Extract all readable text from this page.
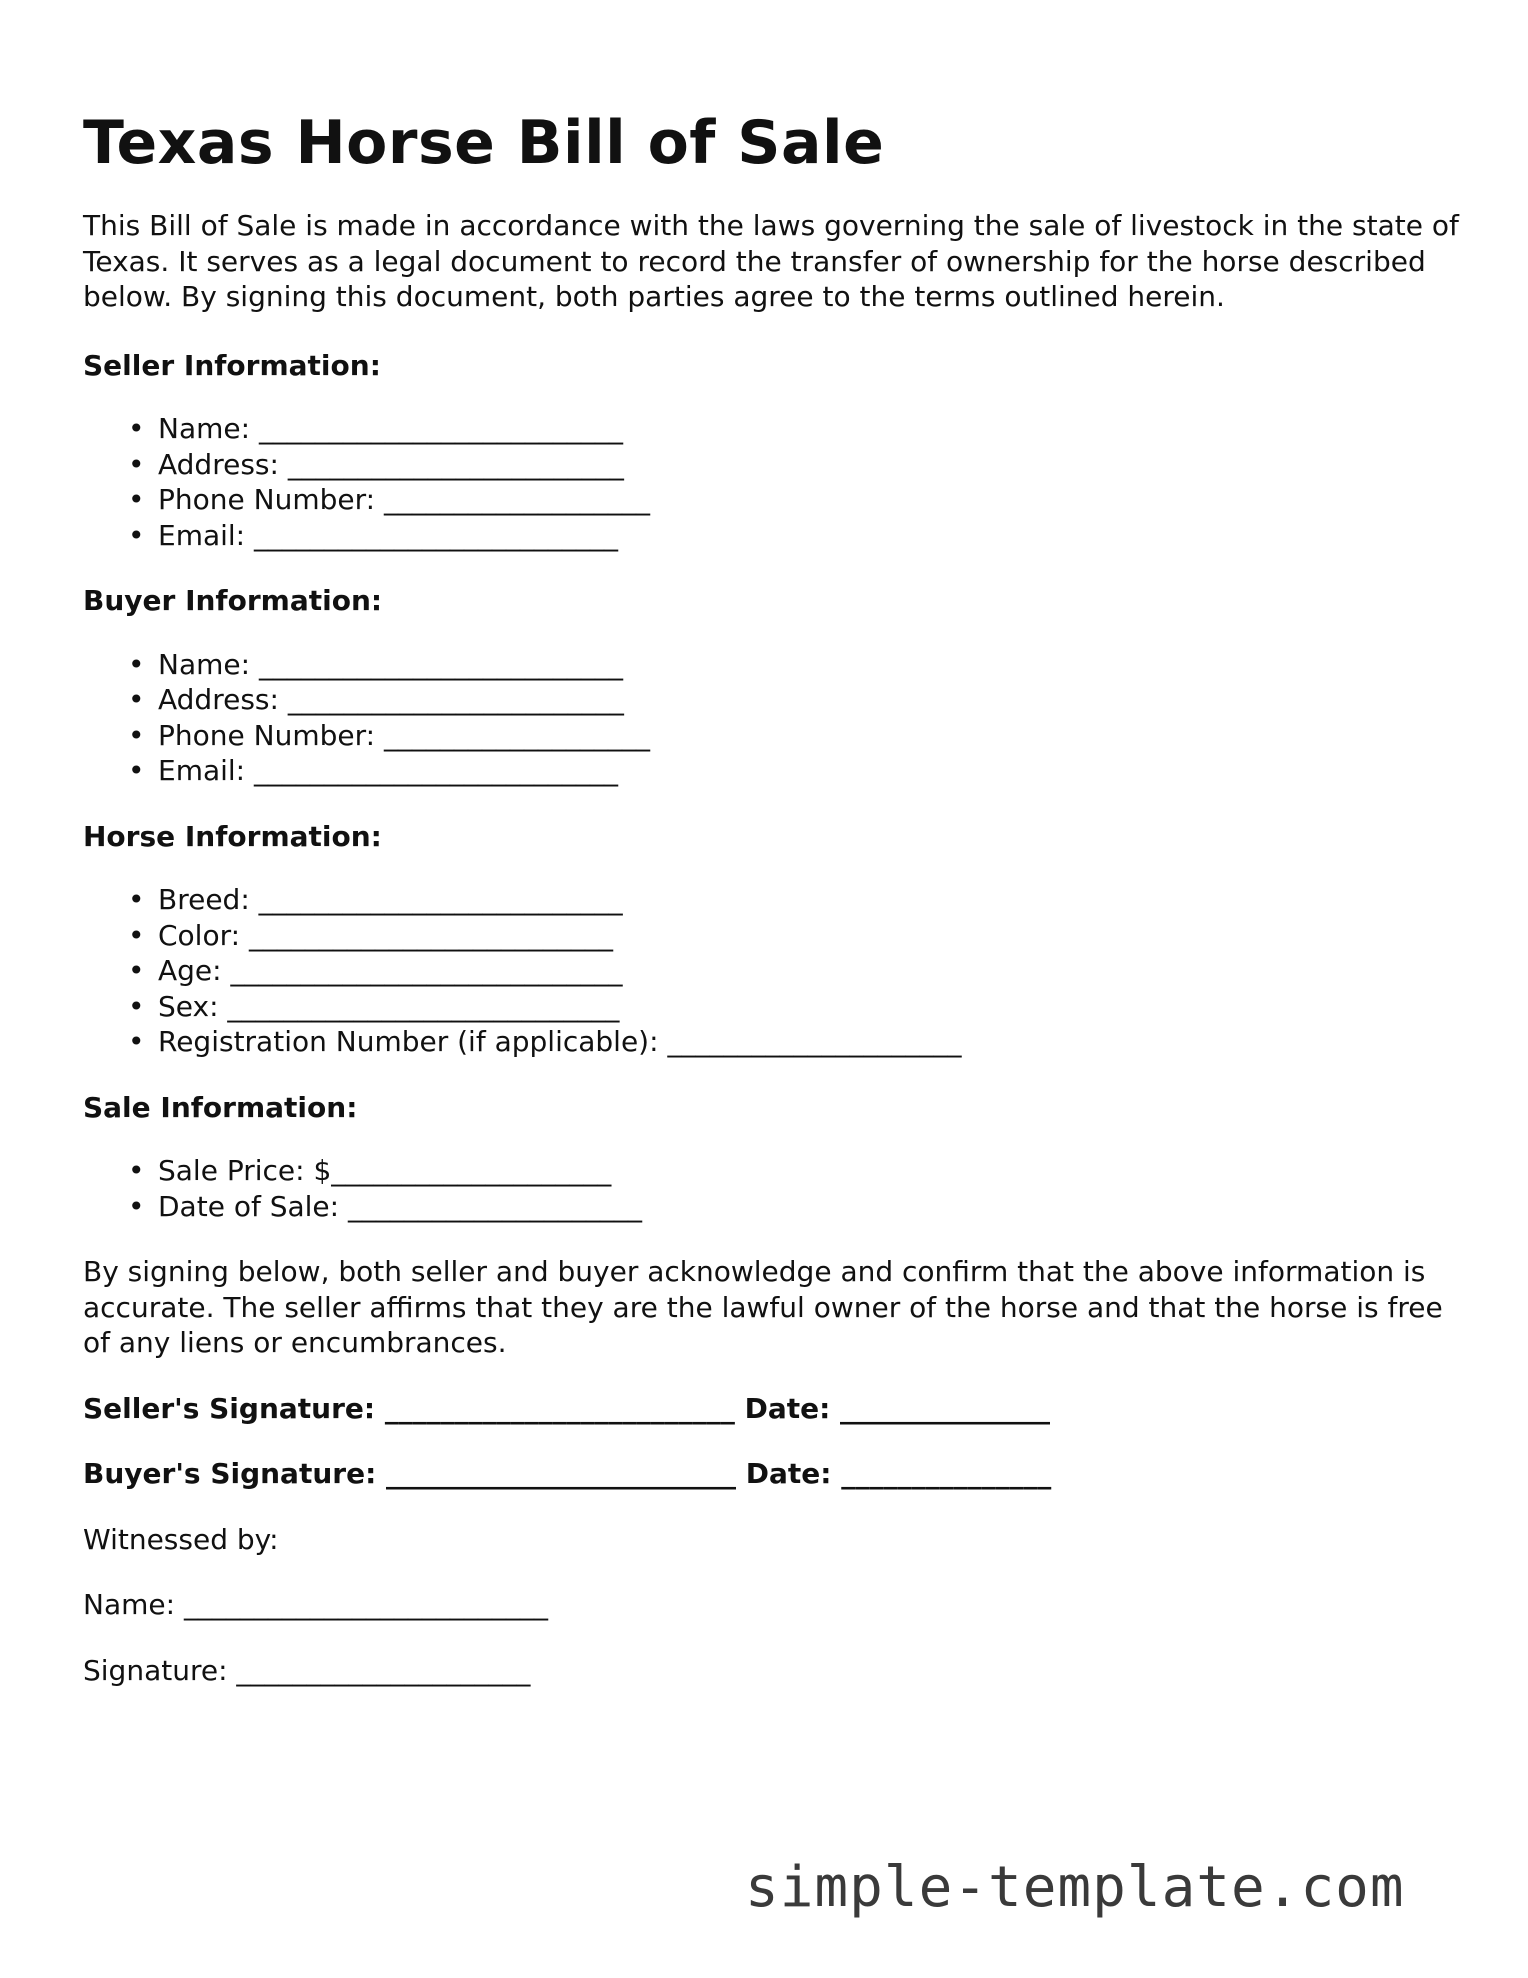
Texas Horse Bill of Sale

This Bill of Sale is made in accordance with the laws governing the sale of livestock in the state of Texas. It serves as a legal document to record the transfer of ownership for the horse described below. By signing this document, both parties agree to the terms outlined herein.

Seller Information:
• Name: __________________________
• Address: ________________________
• Phone Number: ___________________
• Email: __________________________
Buyer Information:
• Name: __________________________
• Address: ________________________
• Phone Number: ___________________
• Email: __________________________
Horse Information:
• Breed: __________________________
• Color: __________________________
• Age: ____________________________
• Sex: ____________________________
• Registration Number (if applicable): _____________________
Sale Information:
• Sale Price: $____________________
• Date of Sale: _____________________

By signing below, both seller and buyer acknowledge and confirm that the above information is accurate. The seller affirms that they are the lawful owner of the horse and that the horse is free of any liens or encumbrances.

Seller's Signature: _________________________ Date: _______________
Buyer's Signature: _________________________ Date: _______________
Witnessed by:
Name: __________________________
Signature: _____________________
simple-template.com
